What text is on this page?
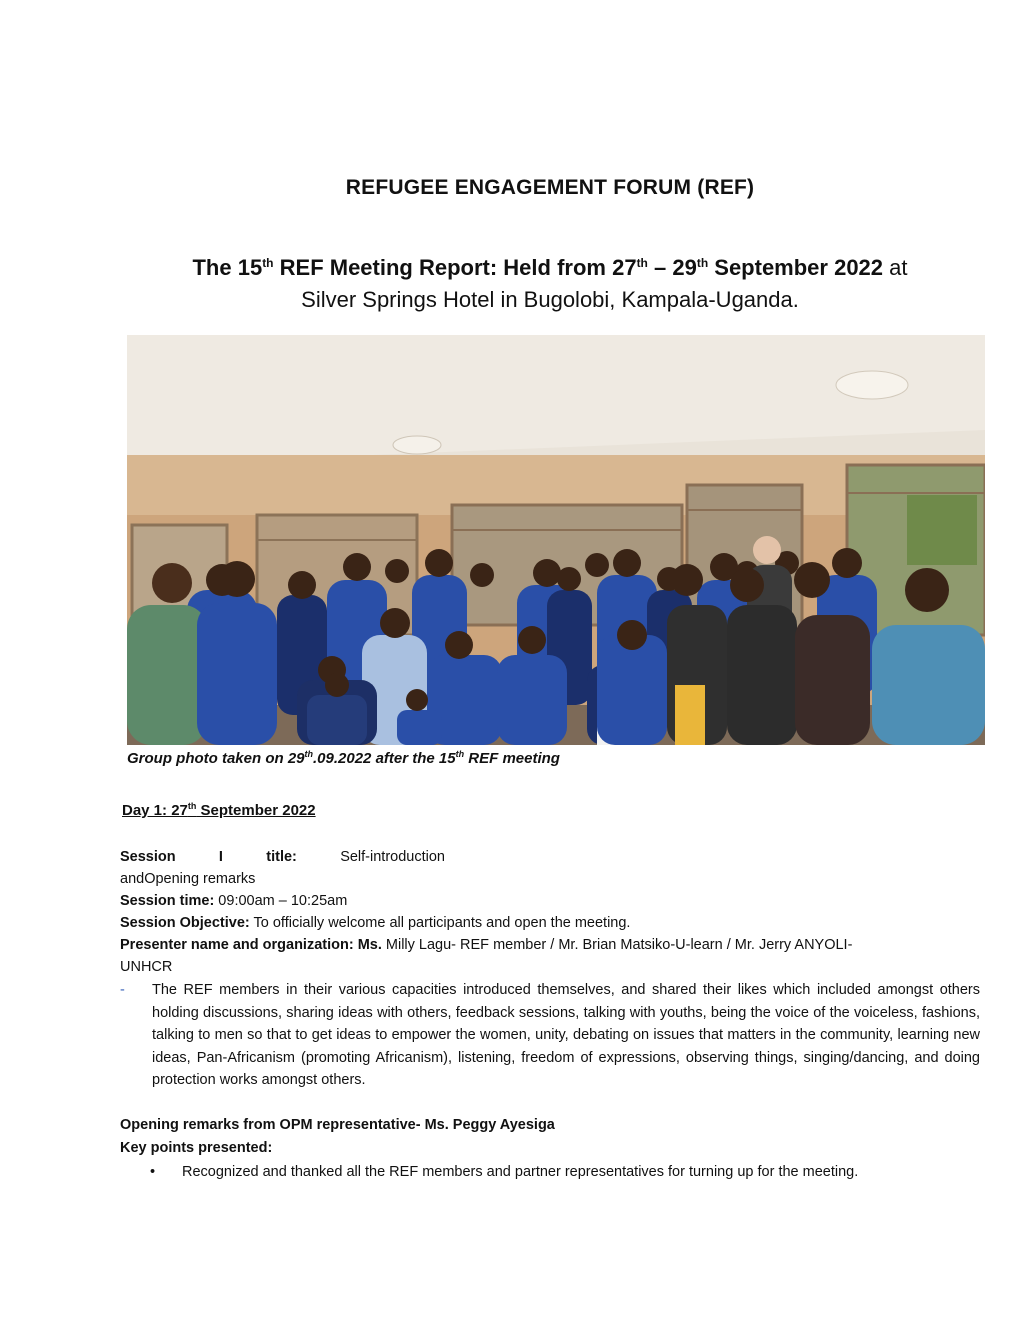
REFUGEE ENGAGEMENT FORUM (REF)
The 15th REF Meeting Report: Held from 27th – 29th September 2022 at
Silver Springs Hotel in Bugolobi, Kampala-Uganda.
Group photo taken on 29th.09.2022 after the 15th REF meeting
Day 1: 27th September 2022
Session	I	title:	Self-introduction
andOpening remarks
Session time: 09:00am – 10:25am
Session Objective: To officially welcome all participants and open the meeting.
Presenter name and organization: Ms. Milly Lagu- REF member / Mr. Brian Matsiko-U-learn / Mr. Jerry ANYOLI-
UNHCR
- The REF members in their various capacities introduced themselves, and shared their likes which included amongst others holding discussions, sharing ideas with others, feedback sessions, talking with youths, being the voice of the voiceless, fashions, talking to men so that to get ideas to empower the women, unity, debating on issues that matters in the community, learning new ideas, Pan-Africanism (promoting Africanism), listening, freedom of expressions, observing things, singing/dancing, and doing protection works amongst others.
Opening remarks from OPM representative- Ms. Peggy Ayesiga
Key points presented:
• Recognized and thanked all the REF members and partner representatives for turning up for the meeting.
